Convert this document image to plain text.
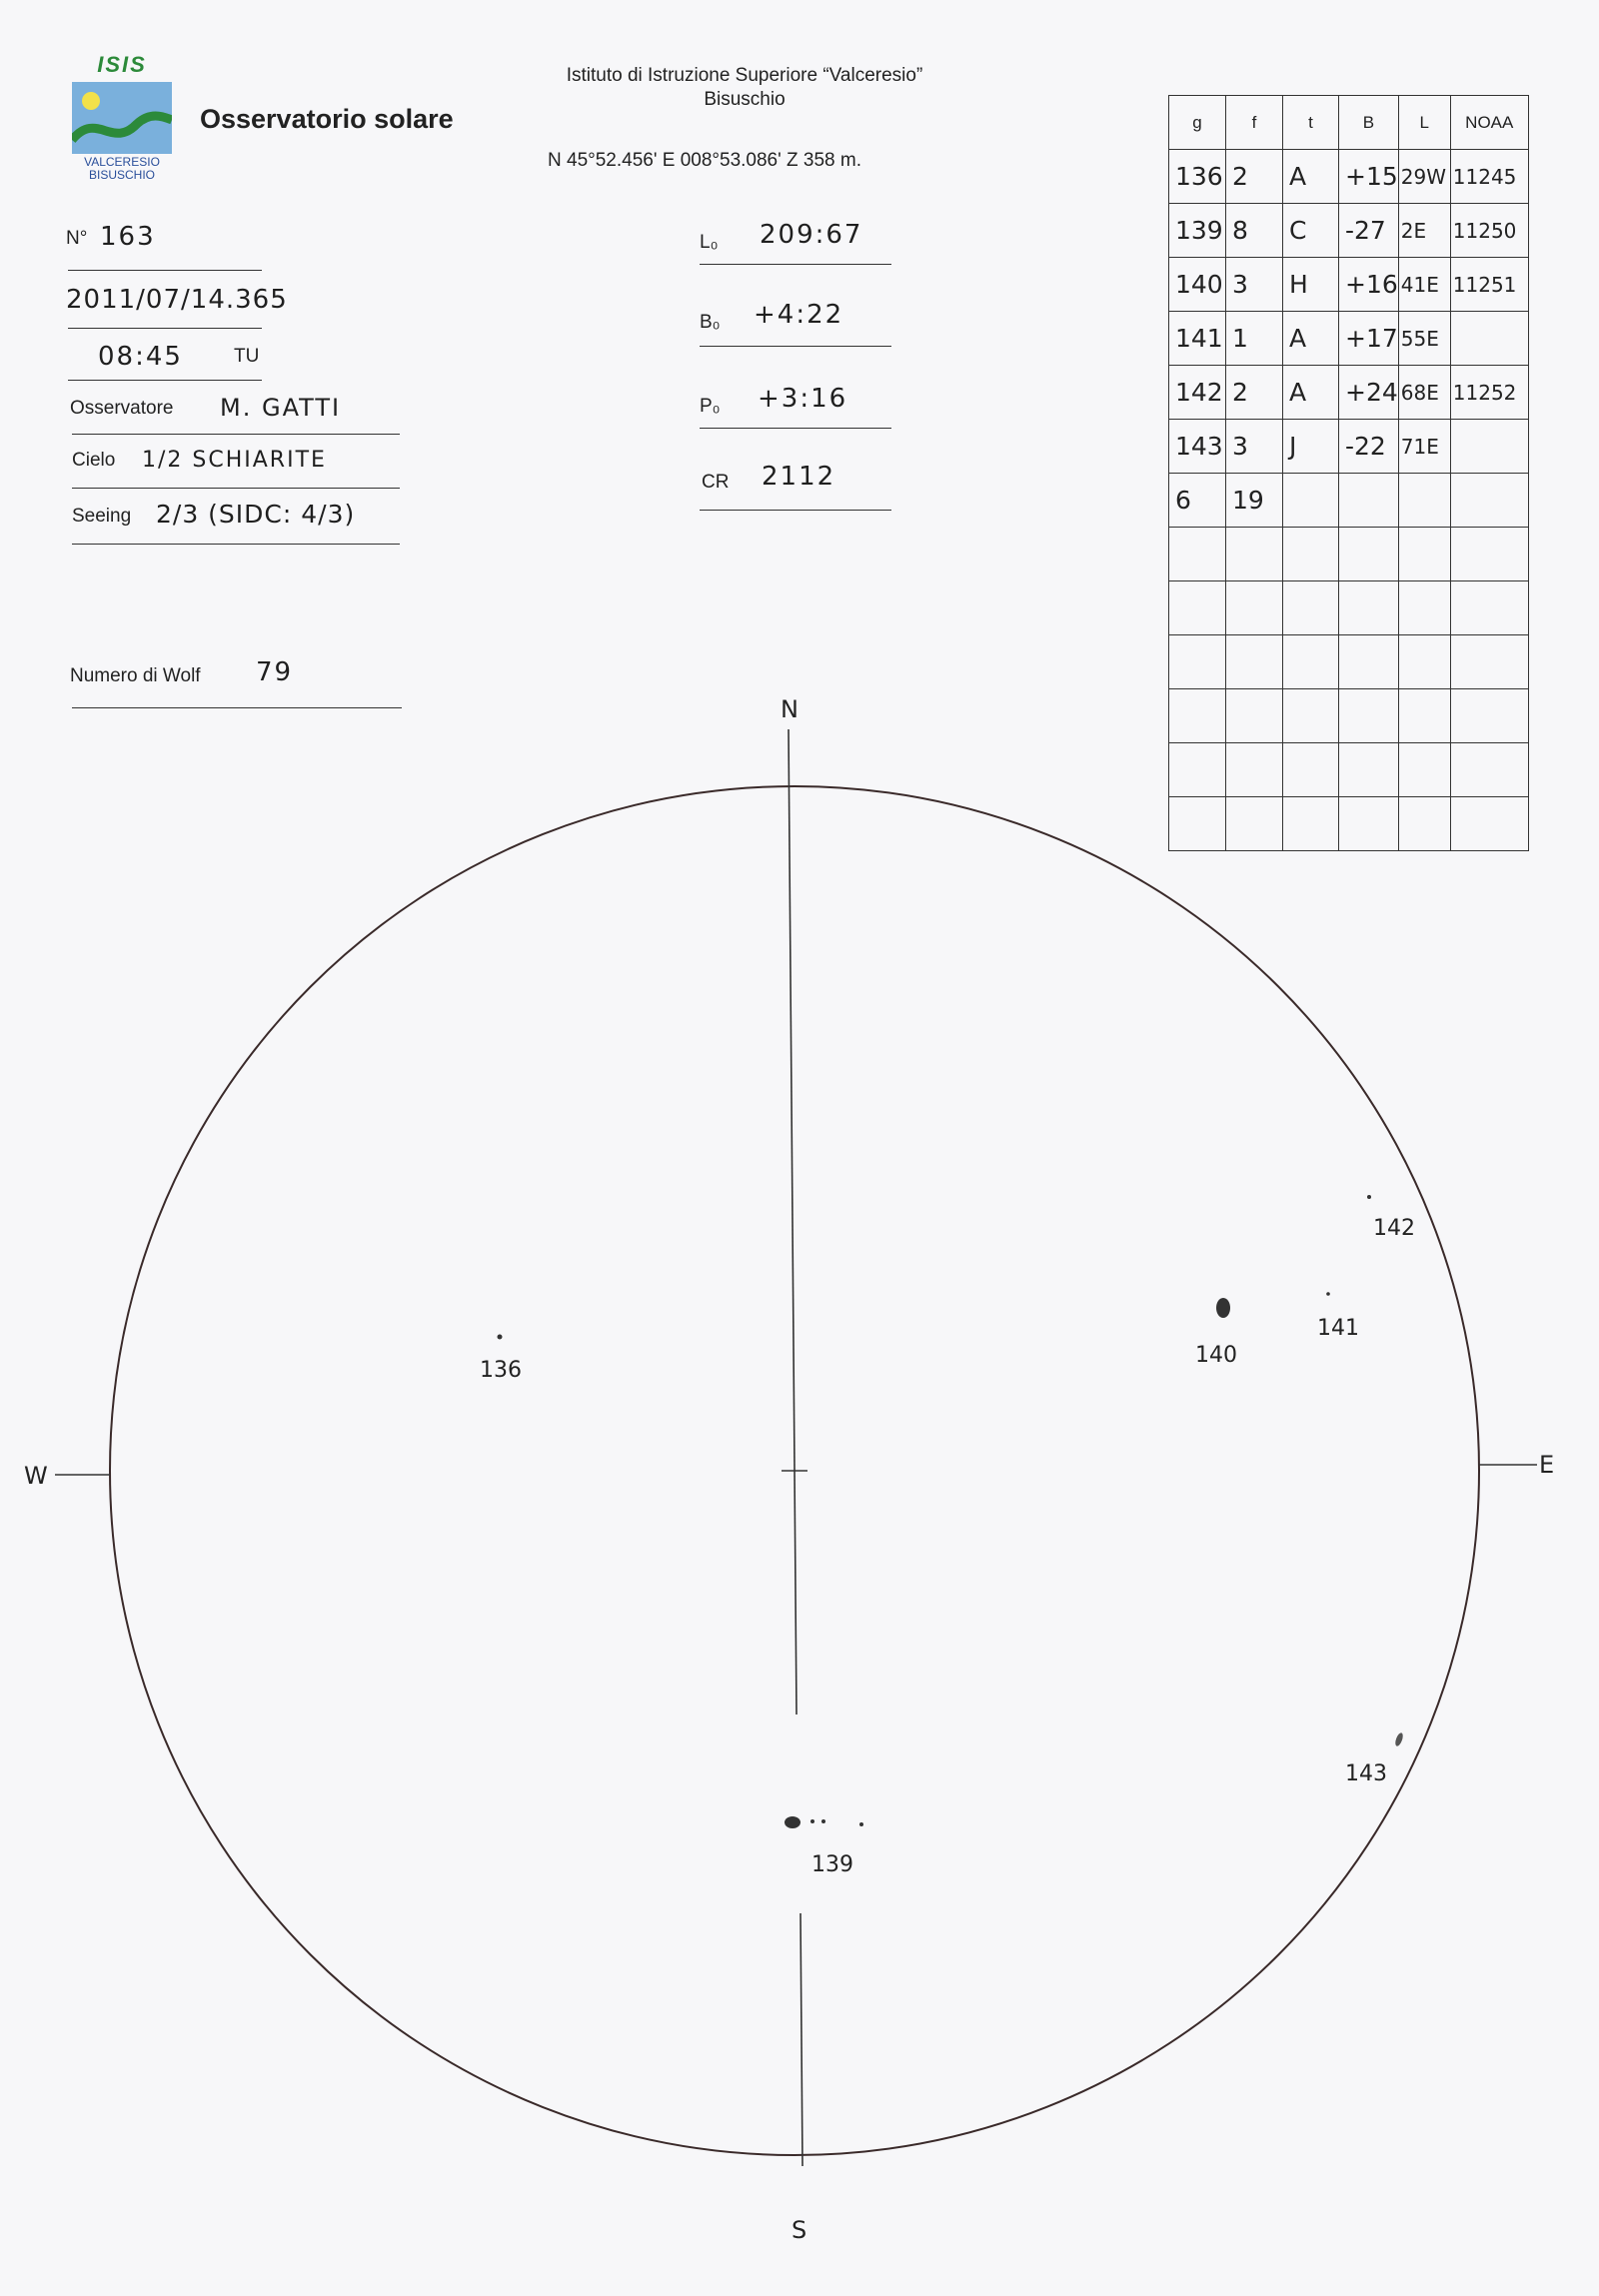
ISIS
VALCERESIO
BISUSCHIO
Osservatorio solare
Istituto di Istruzione Superiore “Valceresio”
Bisuschio
N 45°52.456' E 008°53.086' Z 358 m.
N° 163
2011/07/14.365
08:45	TU
Osservatore M. GATTI
Cielo 1/2 SCHIARITE
Seeing 2/3 (SIDC: 4/3)
Numero di Wolf 79
L₀ 209:67
B₀ +4:22
P₀ +3:16
CR 2112
g	f	t	B	L	NOAA
136	2	A	+15	29W	11245
139	8	C	-27	2E	11250
140	3	H	+16	41E	11251
141	1	A	+17	55E	
142	2	A	+24	68E	11252
143	3	J	-22	71E	
6	19				

N
S
E
W
136
139
140
141
142
143
